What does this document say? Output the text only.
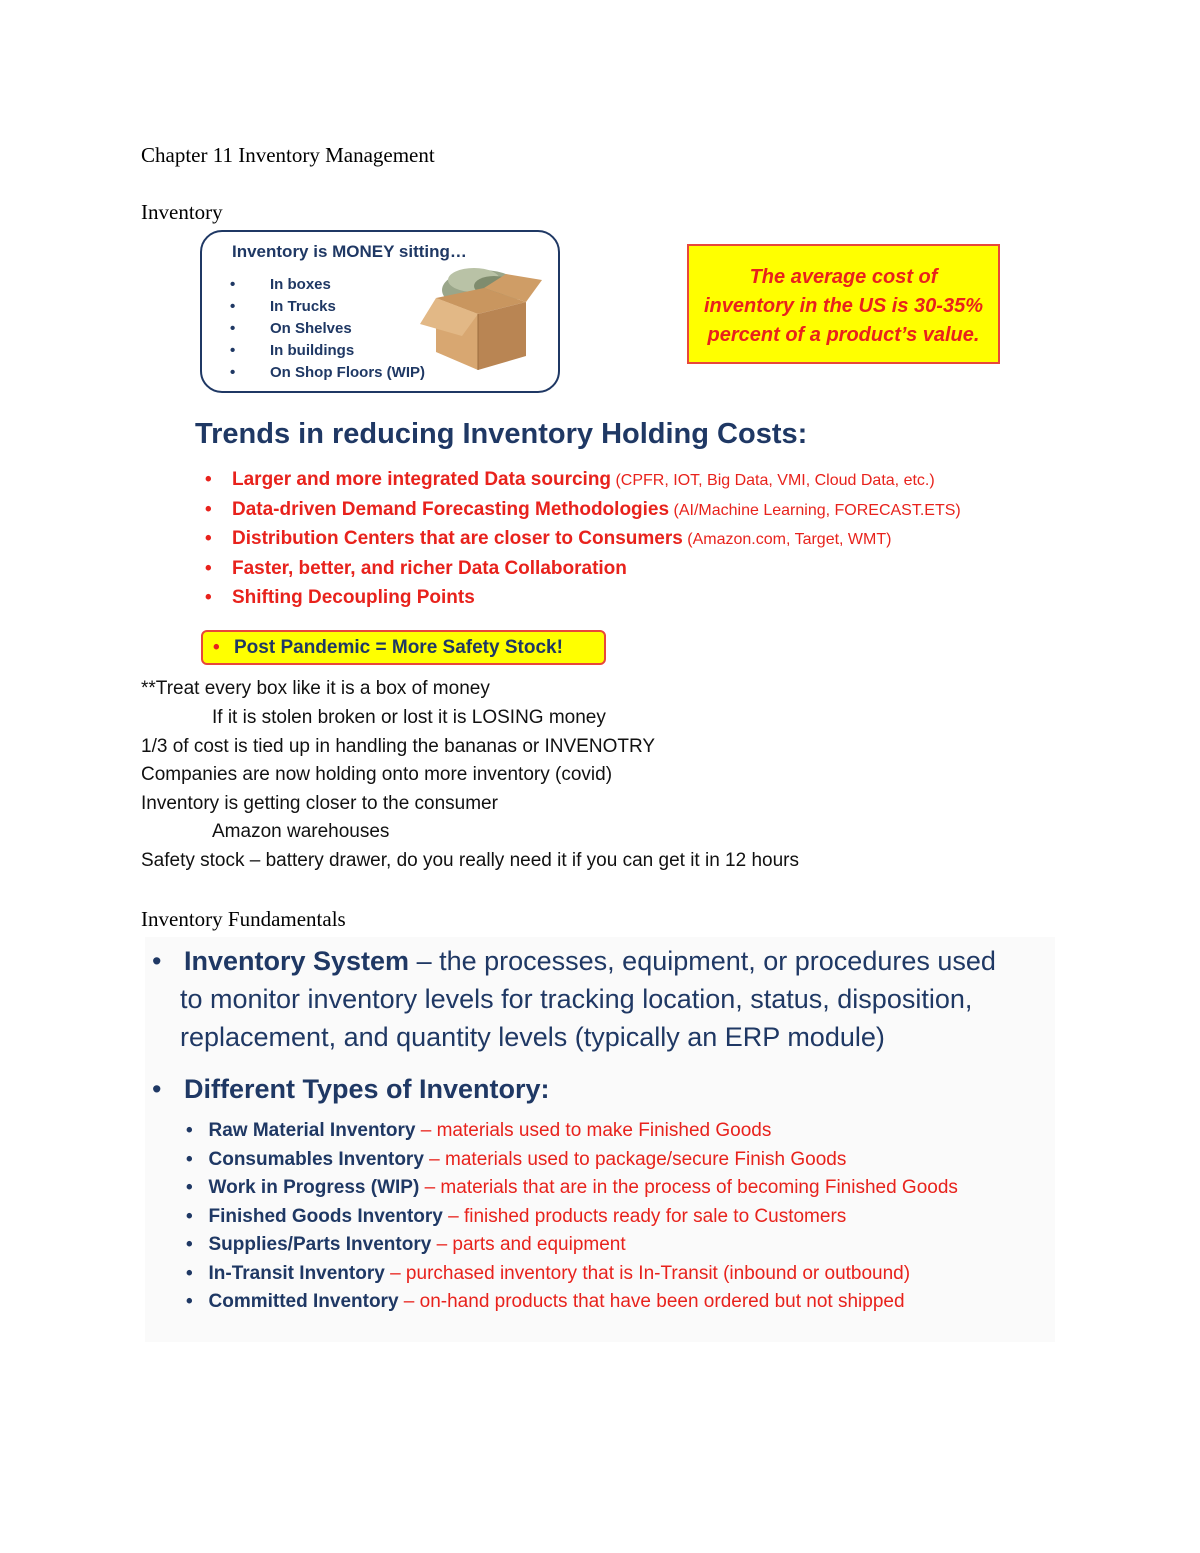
Chapter 11 Inventory Management
Inventory
Inventory is MONEY sitting…
• In boxes
• In Trucks
• On Shelves
• In buildings
• On Shop Floors (WIP)
The average cost of
inventory in the US is 30-35%
percent of a product’s value.
Trends in reducing Inventory Holding Costs:
• Larger and more integrated Data sourcing (CPFR, IOT, Big Data, VMI, Cloud Data, etc.)
• Data-driven Demand Forecasting Methodologies (AI/Machine Learning, FORECAST.ETS)
• Distribution Centers that are closer to Consumers (Amazon.com, Target, WMT)
• Faster, better, and richer Data Collaboration
• Shifting Decoupling Points
• Post Pandemic = More Safety Stock!
**Treat every box like it is a box of money
If it is stolen broken or lost it is LOSING money
1/3 of cost is tied up in handling the bananas or INVENOTRY
Companies are now holding onto more inventory (covid)
Inventory is getting closer to the consumer
Amazon warehouses
Safety stock – battery drawer, do you really need it if you can get it in 12 hours
Inventory Fundamentals
•   Inventory System – the processes, equipment, or procedures used
to monitor inventory levels for tracking location, status, disposition,
replacement, and quantity levels (typically an ERP module)
•   Different Types of Inventory:
•   Raw Material Inventory – materials used to make Finished Goods
•   Consumables Inventory – materials used to package/secure Finish Goods
•   Work in Progress (WIP) – materials that are in the process of becoming Finished Goods
•   Finished Goods Inventory – finished products ready for sale to Customers
•   Supplies/Parts Inventory – parts and equipment
•   In-Transit Inventory – purchased inventory that is In-Transit (inbound or outbound)
•   Committed Inventory – on-hand products that have been ordered but not shipped
